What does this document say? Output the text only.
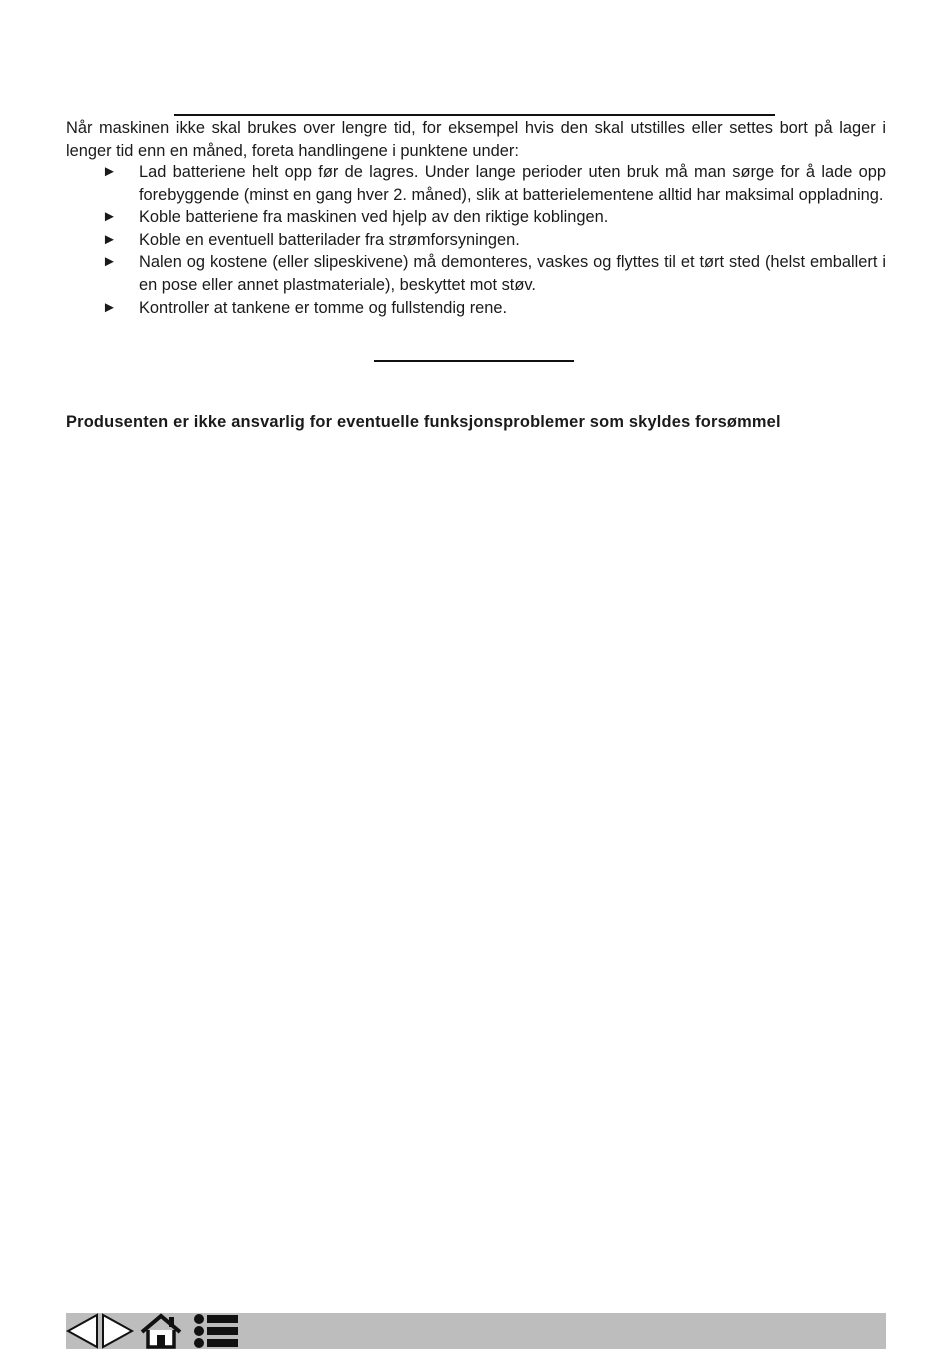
Når maskinen ikke skal brukes over lengre tid, for eksempel hvis den skal utstilles eller settes bort på lager i lenger tid enn en måned, foreta handlingene i punktene under:

► Lad batteriene helt opp før de lagres. Under lange perioder uten bruk må man sørge for å lade opp forebyggende (minst en gang hver 2. måned), slik at batterielementene alltid har maksimal oppladning.
► Koble batteriene fra maskinen ved hjelp av den riktige koblingen.
► Koble en eventuell batterilader fra strømforsyningen.
► Nalen og kostene (eller slipeskivene) må demonteres, vaskes og flyttes til et tørt sted (helst emballert i en pose eller annet plastmateriale), beskyttet mot støv.
► Kontroller at tankene er tomme og fullstendig rene.

Produsenten er ikke ansvarlig for eventuelle funksjonsproblemer som skyldes forsømmel
